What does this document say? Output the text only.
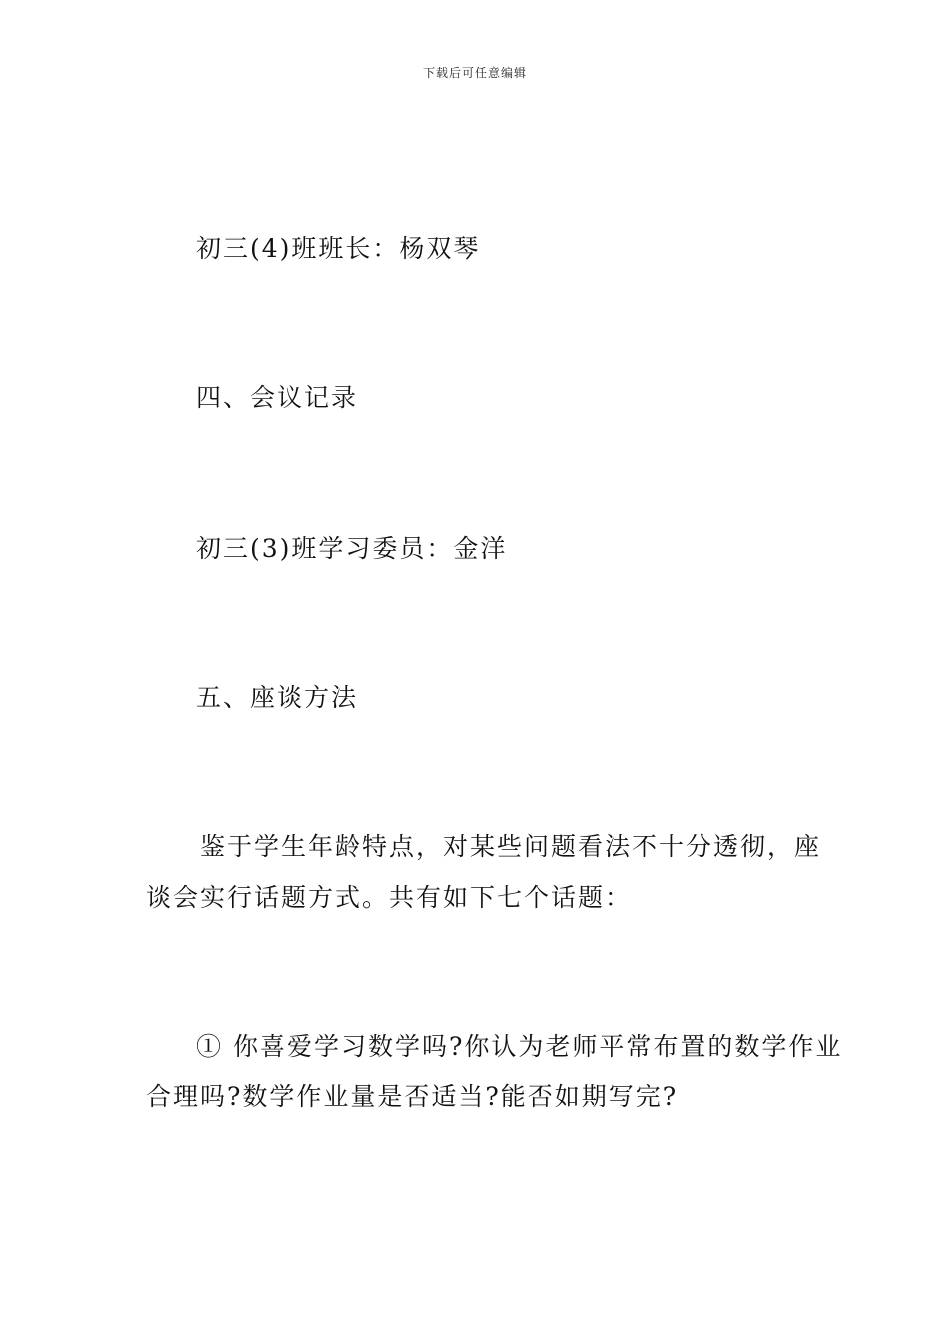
下载后可任意编辑
初三(4)班班长：杨双琴
四、会议记录
初三(3)班学习委员：金洋
五、座谈方法
鉴于学生年龄特点，对某些问题看法不十分透彻，座
谈会实行话题方式。共有如下七个话题：
① 你喜爱学习数学吗?你认为老师平常布置的数学作业
合理吗?数学作业量是否适当?能否如期写完?
